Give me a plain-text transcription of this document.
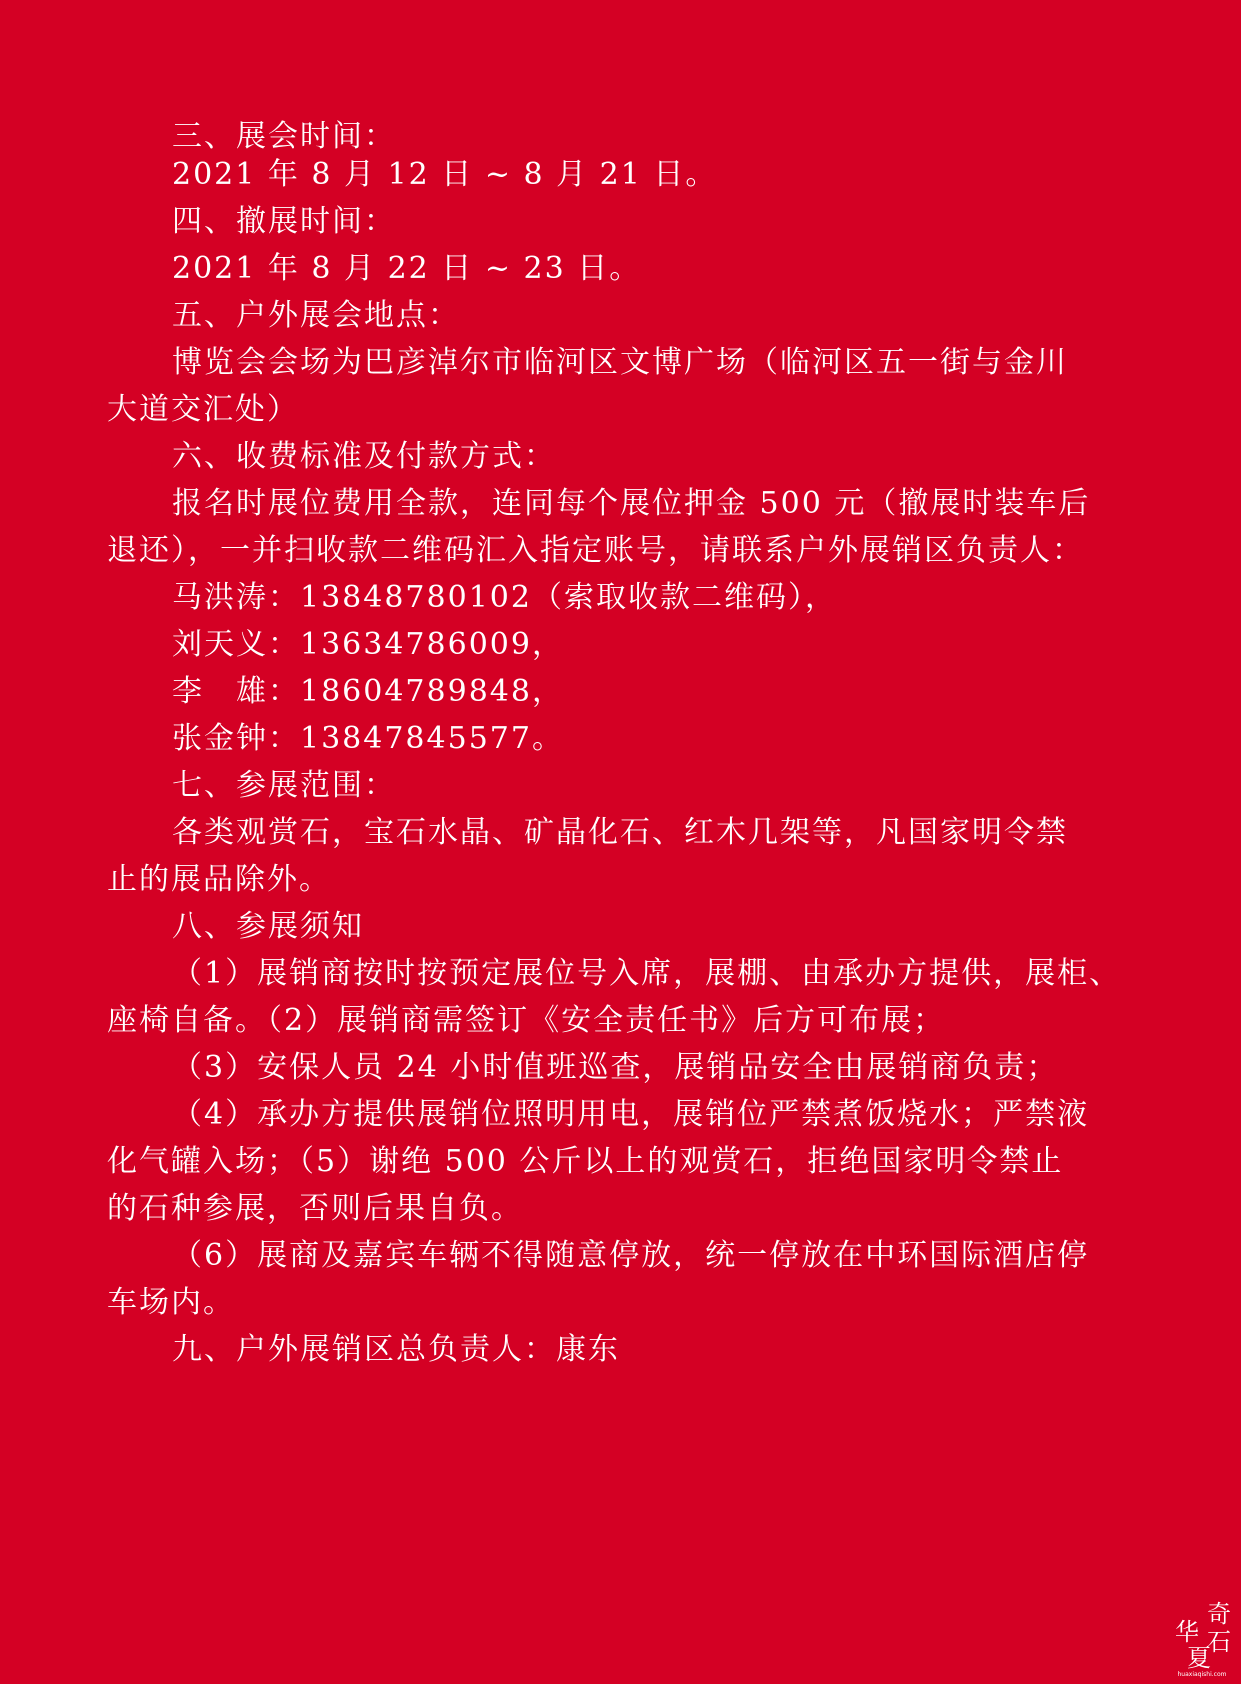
三、展会时间：
2021 年 8 月 12 日 ~ 8 月 21 日。
四、撤展时间：
2021 年 8 月 22 日 ~ 23 日。
五、户外展会地点：
博览会会场为巴彦淖尔市临河区文博广场（临河区五一街与金川
大道交汇处）
六、收费标准及付款方式：
报名时展位费用全款，连同每个展位押金 500 元（撤展时装车后
退还），一并扫收款二维码汇入指定账号，请联系户外展销区负责人：
马洪涛：13848780102（索取收款二维码），
刘天义：13634786009，
李　雄：18604789848，
张金钟：13847845577。
七、参展范围：
各类观赏石，宝石水晶、矿晶化石、红木几架等，凡国家明令禁
止的展品除外。
八、参展须知
（1）展销商按时按预定展位号入席，展棚、由承办方提供，展柜、
座椅自备。（2）展销商需签订《安全责任书》后方可布展；
（3）安保人员 24 小时值班巡查，展销品安全由展销商负责；
（4）承办方提供展销位照明用电，展销位严禁煮饭烧水；严禁液
化气罐入场；（5）谢绝 500 公斤以上的观赏石，拒绝国家明令禁止
的石种参展，否则后果自负。
（6）展商及嘉宾车辆不得随意停放，统一停放在中环国际酒店停
车场内。
九、户外展销区总负责人：康东
奇
华 石
夏
huaxiaqishi.com
